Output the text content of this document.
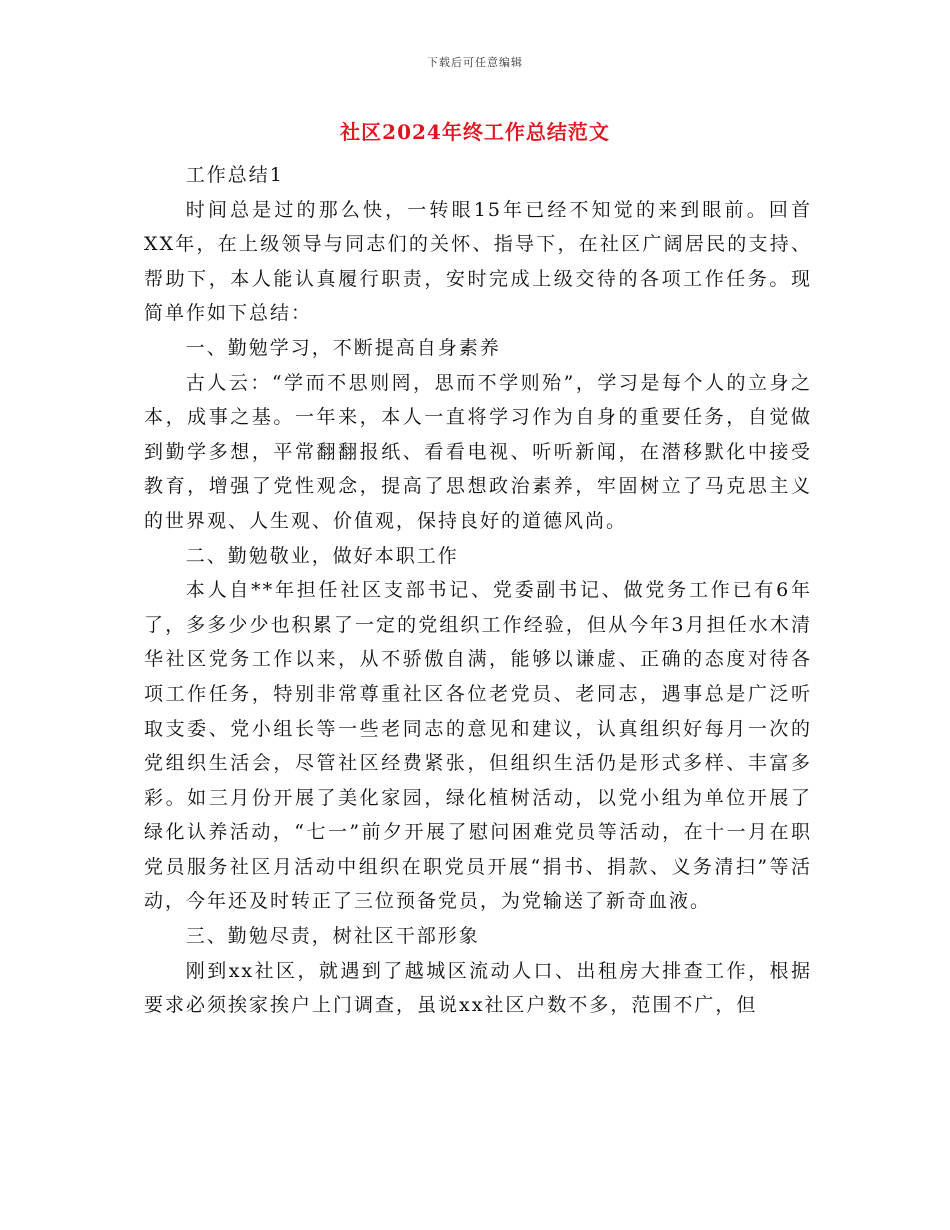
下载后可任意编辑
社区2024年终工作总结范文

工作总结1

时间总是过的那么快，一转眼15年已经不知觉的来到眼前。回首XX年，在上级领导与同志们的关怀、指导下，在社区广阔居民的支持、帮助下，本人能认真履行职责，安时完成上级交待的各项工作任务。现简单作如下总结：

一、勤勉学习，不断提高自身素养

古人云：“学而不思则罔，思而不学则殆”，学习是每个人的立身之本，成事之基。一年来，本人一直将学习作为自身的重要任务，自觉做到勤学多想，平常翻翻报纸、看看电视、听听新闻，在潜移默化中接受教育，增强了党性观念，提高了思想政治素养，牢固树立了马克思主义的世界观、人生观、价值观，保持良好的道德风尚。

二、勤勉敬业，做好本职工作

本人自**年担任社区支部书记、党委副书记、做党务工作已有6年了，多多少少也积累了一定的党组织工作经验，但从今年3月担任水木清华社区党务工作以来，从不骄傲自满，能够以谦虚、正确的态度对待各项工作任务，特别非常尊重社区各位老党员、老同志，遇事总是广泛听取支委、党小组长等一些老同志的意见和建议，认真组织好每月一次的党组织生活会，尽管社区经费紧张，但组织生活仍是形式多样、丰富多彩。如三月份开展了美化家园，绿化植树活动，以党小组为单位开展了绿化认养活动，“七一”前夕开展了慰问困难党员等活动，在十一月在职党员服务社区月活动中组织在职党员开展“捐书、捐款、义务清扫”等活动，今年还及时转正了三位预备党员，为党输送了新奇血液。

三、勤勉尽责，树社区干部形象

刚到xx社区，就遇到了越城区流动人口、出租房大排查工作，根据要求必须挨家挨户上门调查，虽说xx社区户数不多，范围不广，但
